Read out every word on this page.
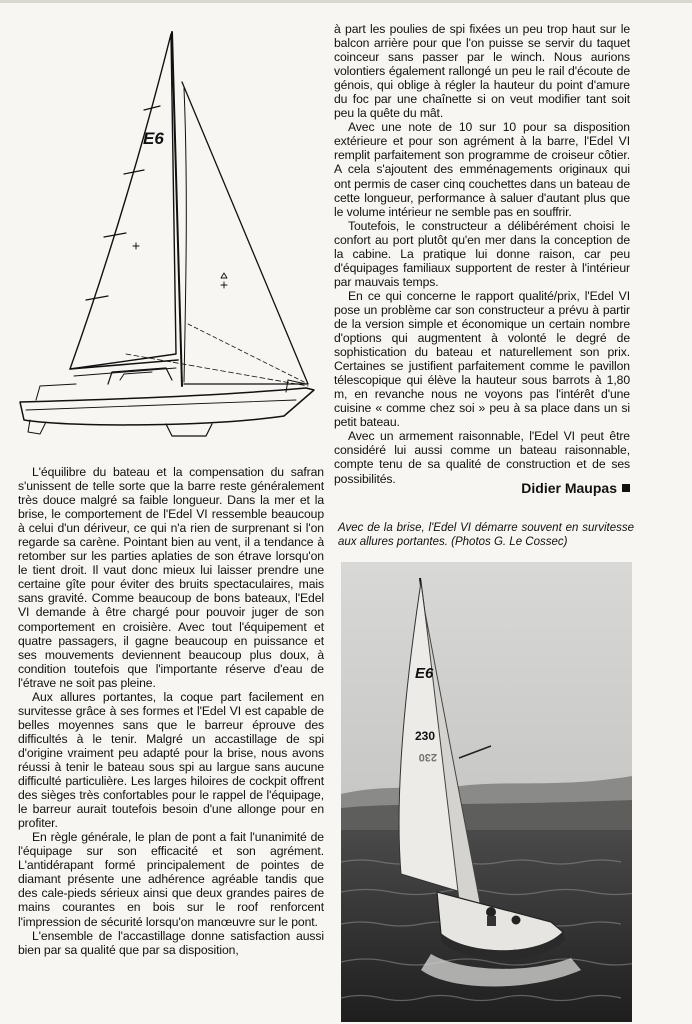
E6

à part les poulies de spi fixées un peu trop haut sur le balcon arrière pour que l'on puisse se servir du taquet coinceur sans passer par le winch. Nous aurions volontiers également rallongé un peu le rail d'écoute de génois, qui oblige à régler la hauteur du point d'amure du foc par une chaînette si on veut modifier tant soit peu la quête du mât.

Avec une note de 10 sur 10 pour sa disposition extérieure et pour son agrément à la barre, l'Edel VI remplit parfaitement son programme de croiseur côtier. A cela s'ajoutent des emménagements originaux qui ont permis de caser cinq couchettes dans un bateau de cette longueur, performance à saluer d'autant plus que le volume intérieur ne semble pas en souffrir.

Toutefois, le constructeur a délibérément choisi le confort au port plutôt qu'en mer dans la conception de la cabine. La pratique lui donne raison, car peu d'équipages familiaux supportent de rester à l'intérieur par mauvais temps.

En ce qui concerne le rapport qualité/prix, l'Edel VI pose un problème car son constructeur a prévu à partir de la version simple et économique un certain nombre d'options qui augmentent à volonté le degré de sophistication du bateau et naturellement son prix. Certaines se justifient parfaitement comme le pavillon télescopique qui élève la hauteur sous barrots à 1,80 m, en revanche nous ne voyons pas l'intérêt d'une cuisine « comme chez soi » peu à sa place dans un si petit bateau.

Avec un armement raisonnable, l'Edel VI peut être considéré lui aussi comme un bateau raisonnable, compte tenu de sa qualité de construction et de ses possibilités.

Didier Maupas
Avec de la brise, l'Edel VI démarre souvent en survitesse aux allures portantes. (Photos G. Le Cossec)
E6
230
230

L'équilibre du bateau et la compensation du safran s'unissent de telle sorte que la barre reste généralement très douce malgré sa faible longueur. Dans la mer et la brise, le comportement de l'Edel VI ressemble beaucoup à celui d'un dériveur, ce qui n'a rien de surprenant si l'on regarde sa carène. Pointant bien au vent, il a tendance à retomber sur les parties aplaties de son étrave lorsqu'on le tient droit. Il vaut donc mieux lui laisser prendre une certaine gîte pour éviter des bruits spectaculaires, mais sans gravité. Comme beaucoup de bons bateaux, l'Edel VI demande à être chargé pour pouvoir juger de son comportement en croisière. Avec tout l'équipement et quatre passagers, il gagne beaucoup en puissance et ses mouvements deviennent beaucoup plus doux, à condition toutefois que l'importante réserve d'eau de l'étrave ne soit pas pleine.

Aux allures portantes, la coque part facilement en survitesse grâce à ses formes et l'Edel VI est capable de belles moyennes sans que le barreur éprouve des difficultés à le tenir. Malgré un accastillage de spi d'origine vraiment peu adapté pour la brise, nous avons réussi à tenir le bateau sous spi au largue sans aucune difficulté particulière. Les larges hiloires de cockpit offrent des sièges très confortables pour le rappel de l'équipage, le barreur aurait toutefois besoin d'une allonge pour en profiter.

En règle générale, le plan de pont a fait l'unanimité de l'équipage sur son efficacité et son agrément. L'antidérapant formé principalement de pointes de diamant présente une adhérence agréable tandis que des cale-pieds sérieux ainsi que deux grandes paires de mains courantes en bois sur le roof renforcent l'impression de sécurité lorsqu'on manœuvre sur le pont.

L'ensemble de l'accastillage donne satisfaction aussi bien par sa qualité que par sa disposition,
